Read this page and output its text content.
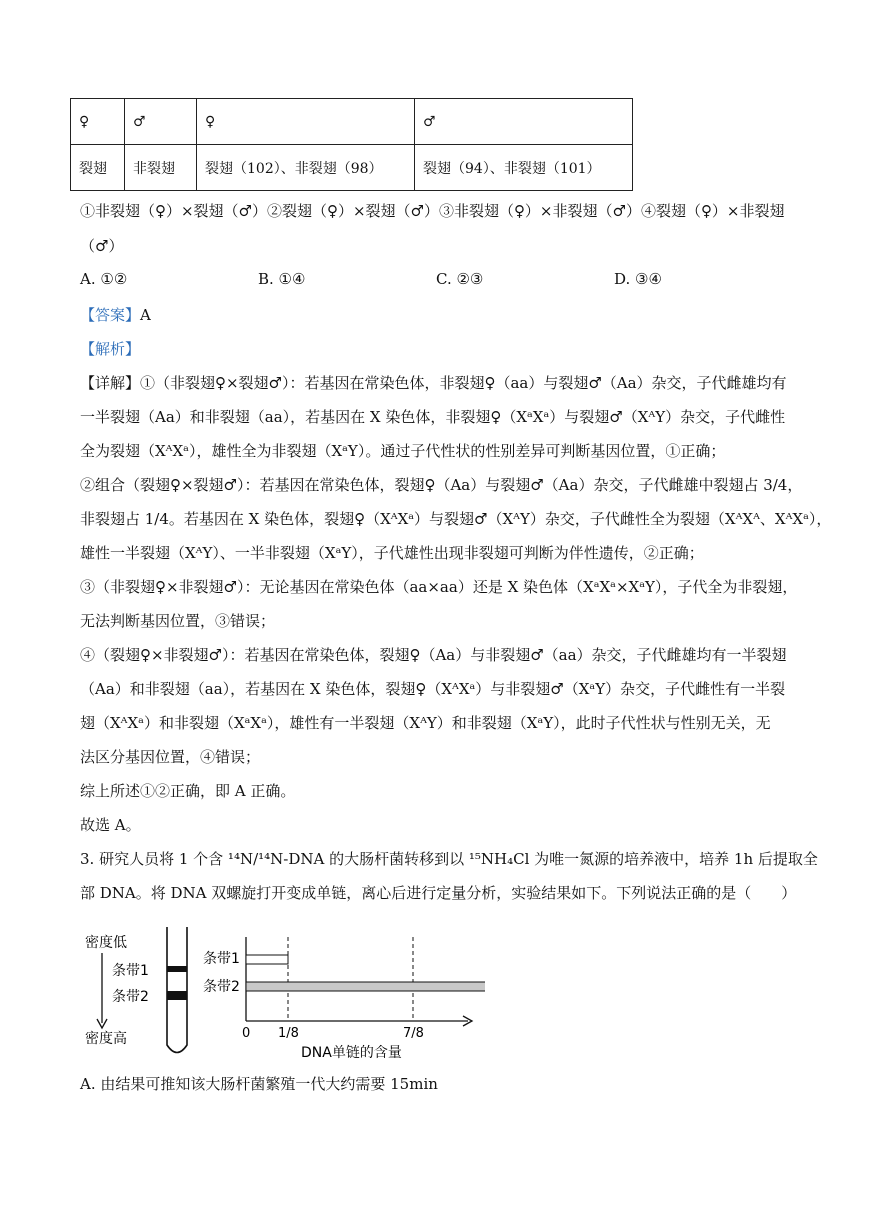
♀	♂	♀	♂
裂翅	非裂翅	裂翅（102）、非裂翅（98）	裂翅（94）、非裂翅（101）
①非裂翅（♀）×裂翅（♂）②裂翅（♀）×裂翅（♂）③非裂翅（♀）×非裂翅（♂）④裂翅（♀）×非裂翅
（♂）
A. ①②	B. ①④	C. ②③	D. ③④
【答案】A
【解析】
【详解】①（非裂翅♀×裂翅♂）：若基因在常染色体，非裂翅♀（aa）与裂翅♂（Aa）杂交，子代雌雄均有
一半裂翅（Aa）和非裂翅（aa），若基因在 X 染色体，非裂翅♀（XᵃXᵃ）与裂翅♂（XᴬY）杂交，子代雌性
全为裂翅（XᴬXᵃ），雄性全为非裂翅（XᵃY）。通过子代性状的性别差异可判断基因位置，①正确；
②组合（裂翅♀×裂翅♂）：若基因在常染色体，裂翅♀（Aa）与裂翅♂（Aa）杂交，子代雌雄中裂翅占 3/4，
非裂翅占 1/4。若基因在 X 染色体，裂翅♀（XᴬXᵃ）与裂翅♂（XᴬY）杂交，子代雌性全为裂翅（XᴬXᴬ、XᴬXᵃ），
雄性一半裂翅（XᴬY）、一半非裂翅（XᵃY），子代雄性出现非裂翅可判断为伴性遗传，②正确；
③（非裂翅♀×非裂翅♂）：无论基因在常染色体（aa×aa）还是 X 染色体（XᵃXᵃ×XᵃY），子代全为非裂翅，
无法判断基因位置，③错误；
④（裂翅♀×非裂翅♂）：若基因在常染色体，裂翅♀（Aa）与非裂翅♂（aa）杂交，子代雌雄均有一半裂翅
（Aa）和非裂翅（aa），若基因在 X 染色体，裂翅♀（XᴬXᵃ）与非裂翅♂（XᵃY）杂交，子代雌性有一半裂
翅（XᴬXᵃ）和非裂翅（XᵃXᵃ），雄性有一半裂翅（XᴬY）和非裂翅（XᵃY），此时子代性状与性别无关，无
法区分基因位置，④错误；
综上所述①②正确，即 A 正确。
故选 A。
3. 研究人员将 1 个含 ¹⁴N/¹⁴N-DNA 的大肠杆菌转移到以 ¹⁵NH₄Cl 为唯一氮源的培养液中，培养 1h 后提取全
部 DNA。将 DNA 双螺旋打开变成单链，离心后进行定量分析，实验结果如下。下列说法正确的是（　　）
密度低
条带1
条带2
密度高
条带1
条带2
0 1/8	7/8
DNA单链的含量
A. 由结果可推知该大肠杆菌繁殖一代大约需要 15min
